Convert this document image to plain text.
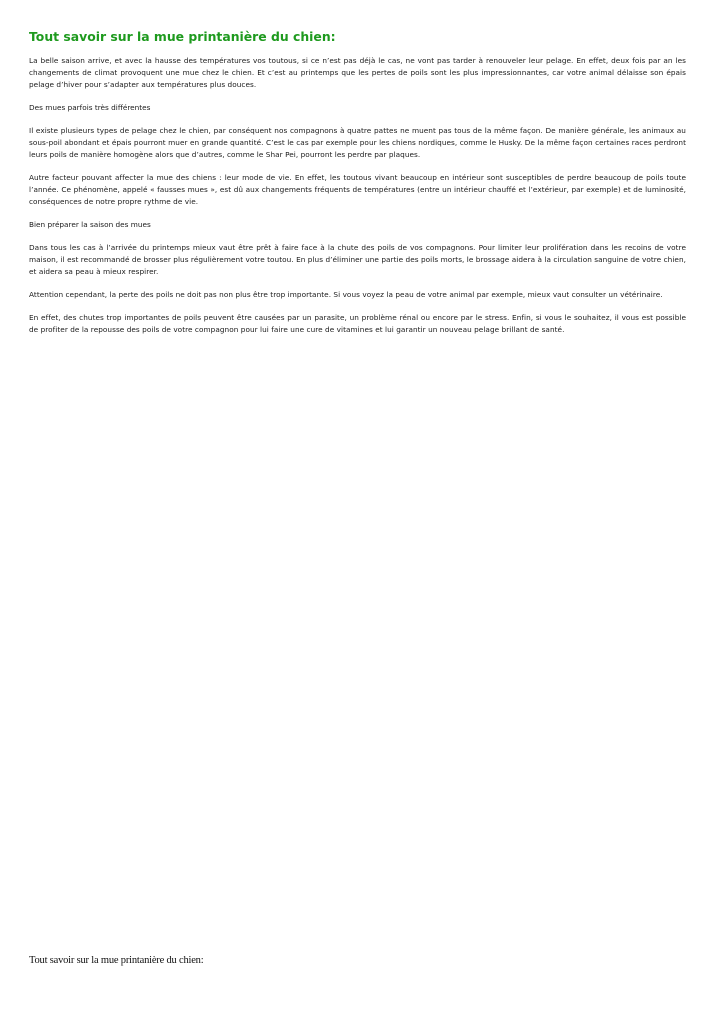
Tout savoir sur la mue printanière du chien:

La belle saison arrive, et avec la hausse des températures vos toutous, si ce n’est pas déjà le cas, ne vont pas tarder à renouveler leur pelage. En effet, deux fois par an les changements de climat provoquent une mue chez le chien. Et c’est au printemps que les pertes de poils sont les plus impressionnantes, car votre animal délaisse son épais pelage d’hiver pour s’adapter aux températures plus douces.

Des mues parfois très différentes

Il existe plusieurs types de pelage chez le chien, par conséquent nos compagnons à quatre pattes ne muent pas tous de la même façon. De manière générale, les animaux au sous-poil abondant et épais pourront muer en grande quantité. C’est le cas par exemple pour les chiens nordiques, comme le Husky. De la même façon certaines races perdront leurs poils de manière homogène alors que d’autres, comme le Shar Pei, pourront les perdre par plaques.

Autre facteur pouvant affecter la mue des chiens : leur mode de vie. En effet, les toutous vivant beaucoup en intérieur sont susceptibles de perdre beaucoup de poils toute l’année. Ce phénomène, appelé « fausses mues », est dû aux changements fréquents de températures (entre un intérieur chauffé et l’extérieur, par exemple) et de luminosité, conséquences de notre propre rythme de vie.

Bien préparer la saison des mues

Dans tous les cas à l’arrivée du printemps mieux vaut être prêt à faire face à la chute des poils de vos compagnons. Pour limiter leur prolifération dans les recoins de votre maison, il est recommandé de brosser plus régulièrement votre toutou. En plus d’éliminer une partie des poils morts, le brossage aidera à la circulation sanguine de votre chien, et aidera sa peau à mieux respirer.

Attention cependant, la perte des poils ne doit pas non plus être trop importante. Si vous voyez la peau de votre animal par exemple, mieux vaut consulter un vétérinaire.

En effet, des chutes trop importantes de poils peuvent être causées par un parasite, un problème rénal ou encore par le stress. Enfin, si vous le souhaitez, il vous est possible de profiter de la repousse des poils de votre compagnon pour lui faire une cure de vitamines et lui garantir un nouveau pelage brillant de santé.

Tout savoir sur la mue printanière du chien:
